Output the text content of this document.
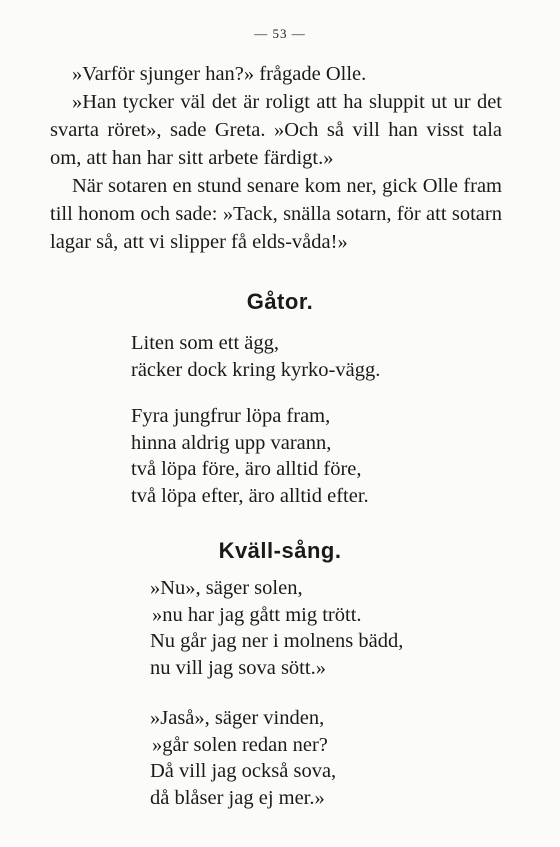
— 53 —

»Varför sjunger han?» frågade Olle.

»Han tycker väl det är roligt att ha sluppit ut ur det svarta röret», sade Greta. »Och så vill han visst tala om, att han har sitt arbete färdigt.»

När sotaren en stund senare kom ner, gick Olle fram till honom och sade: »Tack, snälla sotarn, för att sotarn lagar så, att vi slipper få elds-våda!»

Gåtor.
Liten som ett ägg,
räcker dock kring kyrko-vägg.
Fyra jungfrur löpa fram,
hinna aldrig upp varann,
två löpa före, äro alltid före,
två löpa efter, äro alltid efter.
Kväll-sång.
»Nu», säger solen,
»nu har jag gått mig trött.
Nu går jag ner i molnens bädd,
nu vill jag sova sött.»
»Jaså», säger vinden,
»går solen redan ner?
Då vill jag också sova,
då blåser jag ej mer.»
